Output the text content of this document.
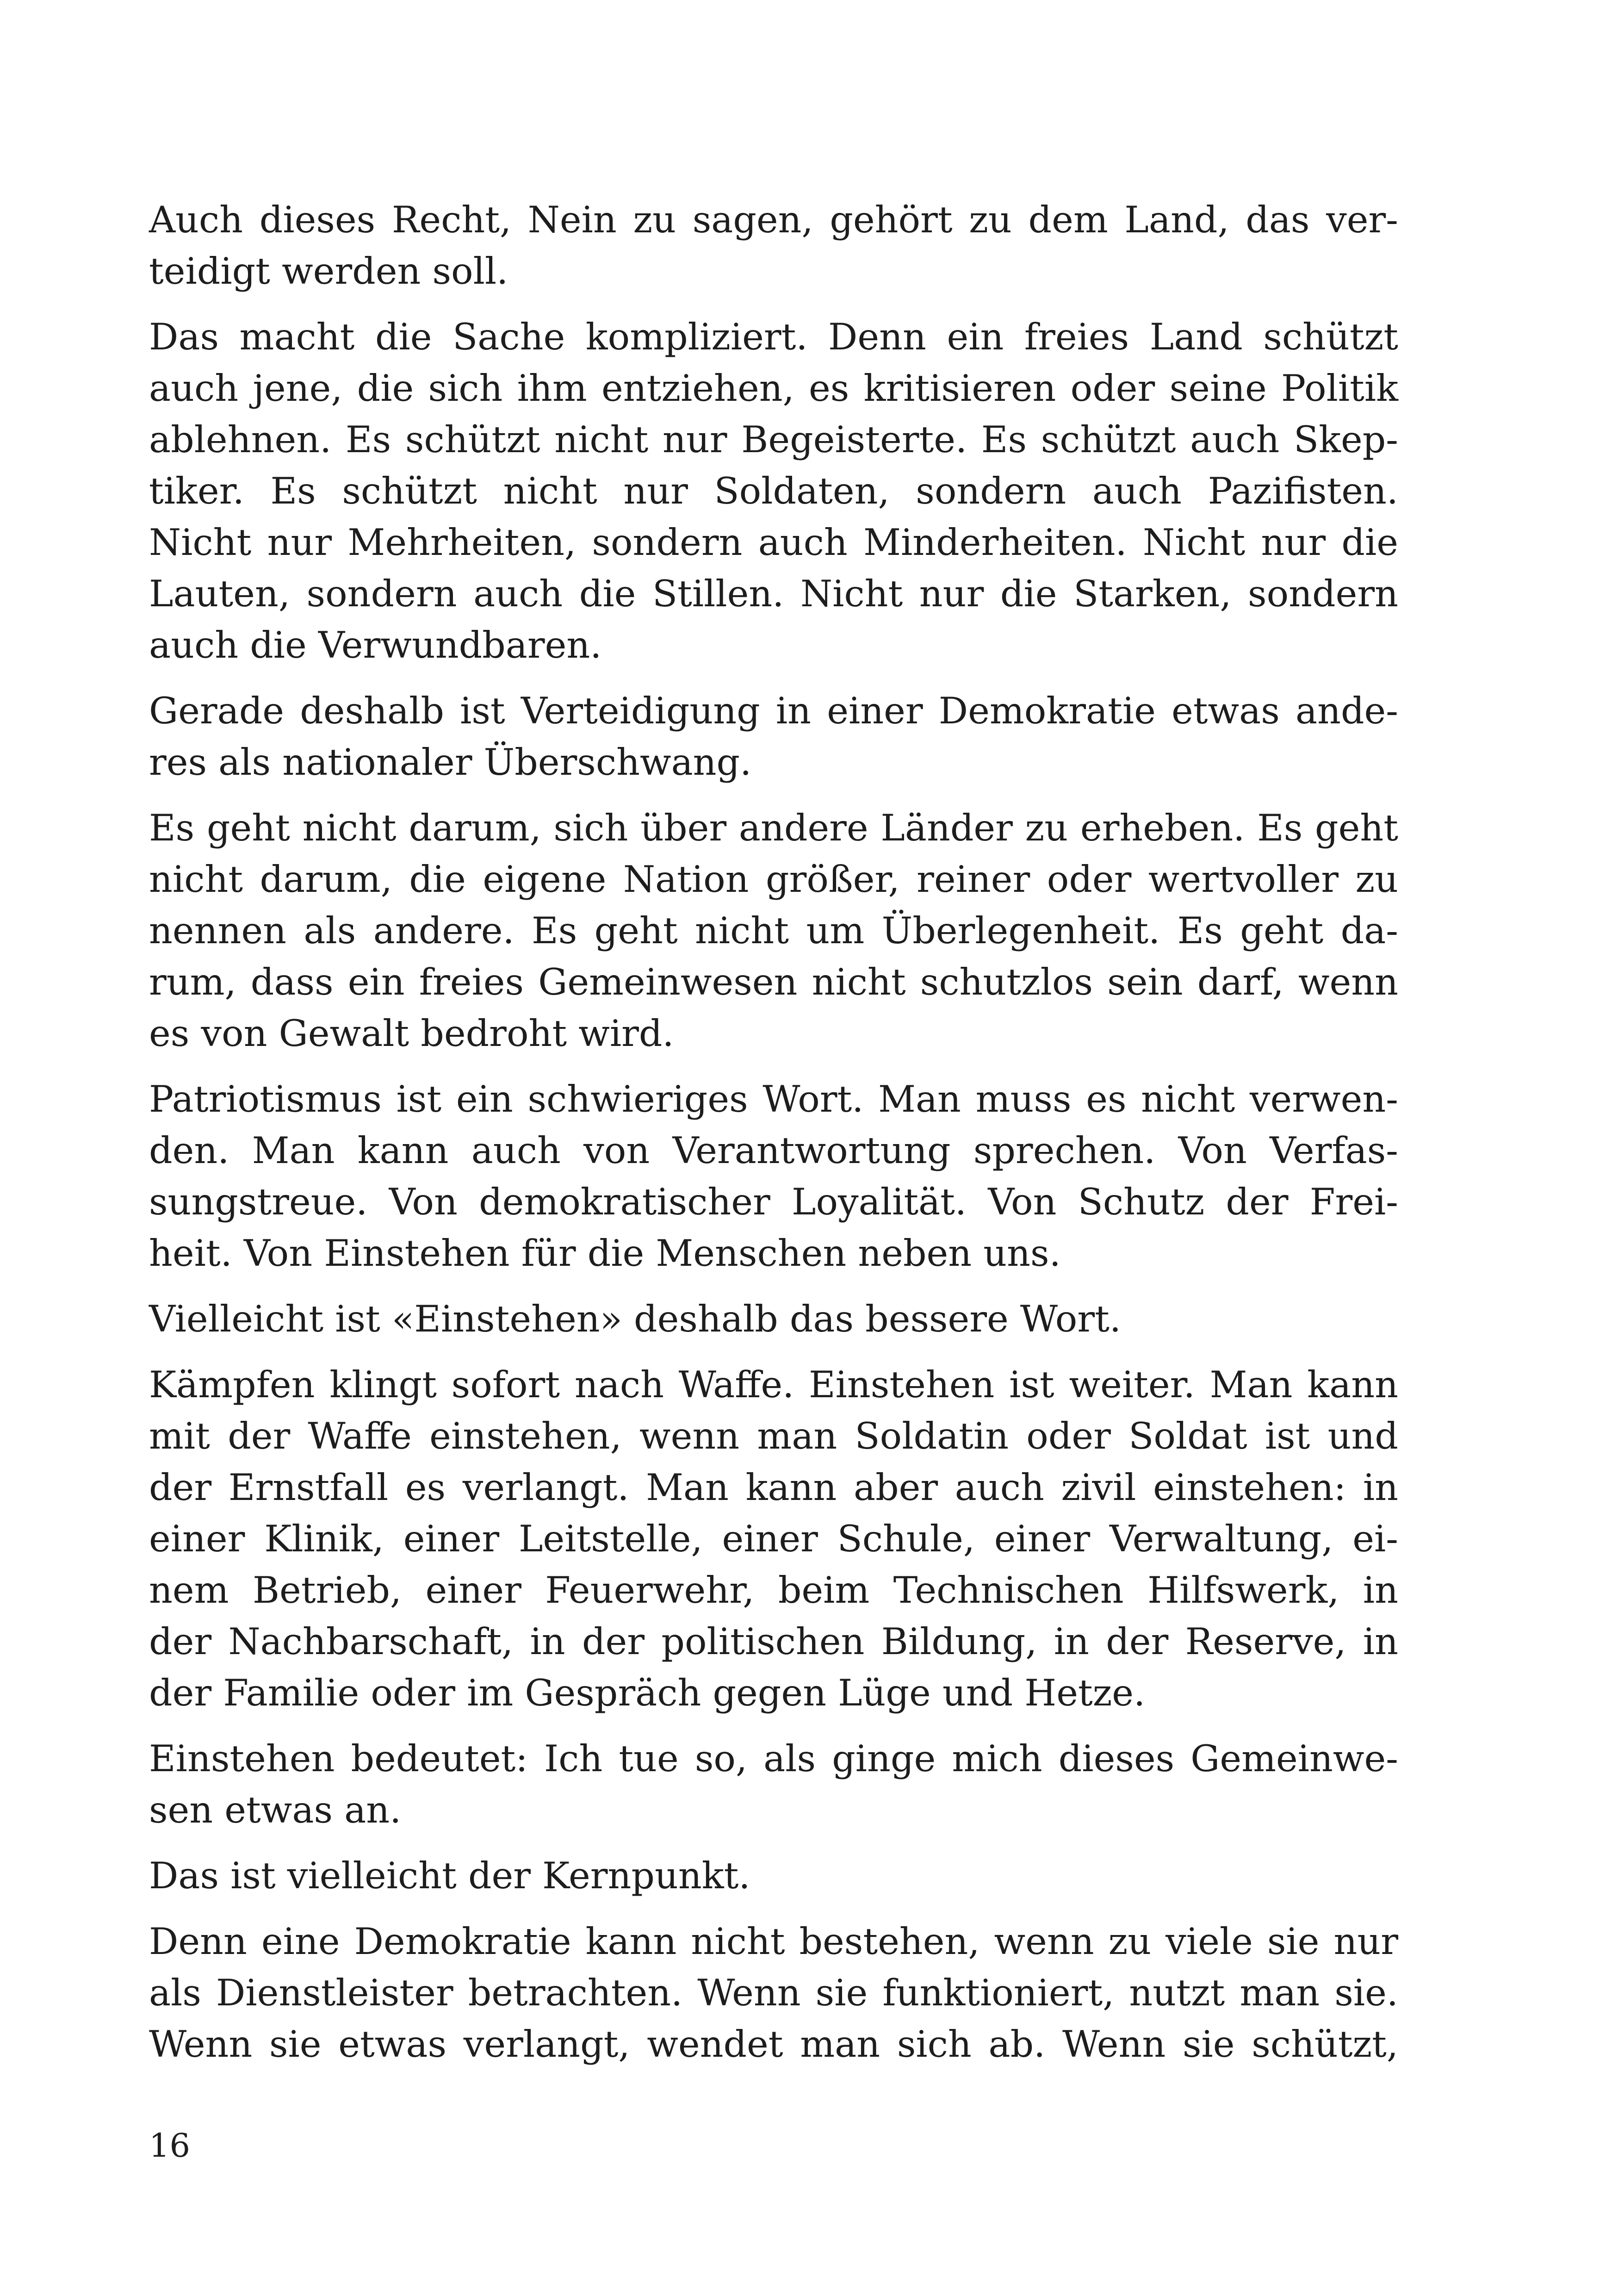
Auch dieses Recht, Nein zu sagen, gehört zu dem Land, das ver-
teidigt werden soll.
Das macht die Sache kompliziert. Denn ein freies Land schützt
auch jene, die sich ihm entziehen, es kritisieren oder seine Politik
ablehnen. Es schützt nicht nur Begeisterte. Es schützt auch Skep-
tiker. Es schützt nicht nur Soldaten, sondern auch Pazifisten.
Nicht nur Mehrheiten, sondern auch Minderheiten. Nicht nur die
Lauten, sondern auch die Stillen. Nicht nur die Starken, sondern
auch die Verwundbaren.
Gerade deshalb ist Verteidigung in einer Demokratie etwas ande-
res als nationaler Überschwang.
Es geht nicht darum, sich über andere Länder zu erheben. Es geht
nicht darum, die eigene Nation größer, reiner oder wertvoller zu
nennen als andere. Es geht nicht um Überlegenheit. Es geht da-
rum, dass ein freies Gemeinwesen nicht schutzlos sein darf, wenn
es von Gewalt bedroht wird.
Patriotismus ist ein schwieriges Wort. Man muss es nicht verwen-
den. Man kann auch von Verantwortung sprechen. Von Verfas-
sungstreue. Von demokratischer Loyalität. Von Schutz der Frei-
heit. Von Einstehen für die Menschen neben uns.
Vielleicht ist «Einstehen» deshalb das bessere Wort.
Kämpfen klingt sofort nach Waffe. Einstehen ist weiter. Man kann
mit der Waffe einstehen, wenn man Soldatin oder Soldat ist und
der Ernstfall es verlangt. Man kann aber auch zivil einstehen: in
einer Klinik, einer Leitstelle, einer Schule, einer Verwaltung, ei-
nem Betrieb, einer Feuerwehr, beim Technischen Hilfswerk, in
der Nachbarschaft, in der politischen Bildung, in der Reserve, in
der Familie oder im Gespräch gegen Lüge und Hetze.
Einstehen bedeutet: Ich tue so, als ginge mich dieses Gemeinwe-
sen etwas an.
Das ist vielleicht der Kernpunkt.
Denn eine Demokratie kann nicht bestehen, wenn zu viele sie nur
als Dienstleister betrachten. Wenn sie funktioniert, nutzt man sie.
Wenn sie etwas verlangt, wendet man sich ab. Wenn sie schützt,
16
